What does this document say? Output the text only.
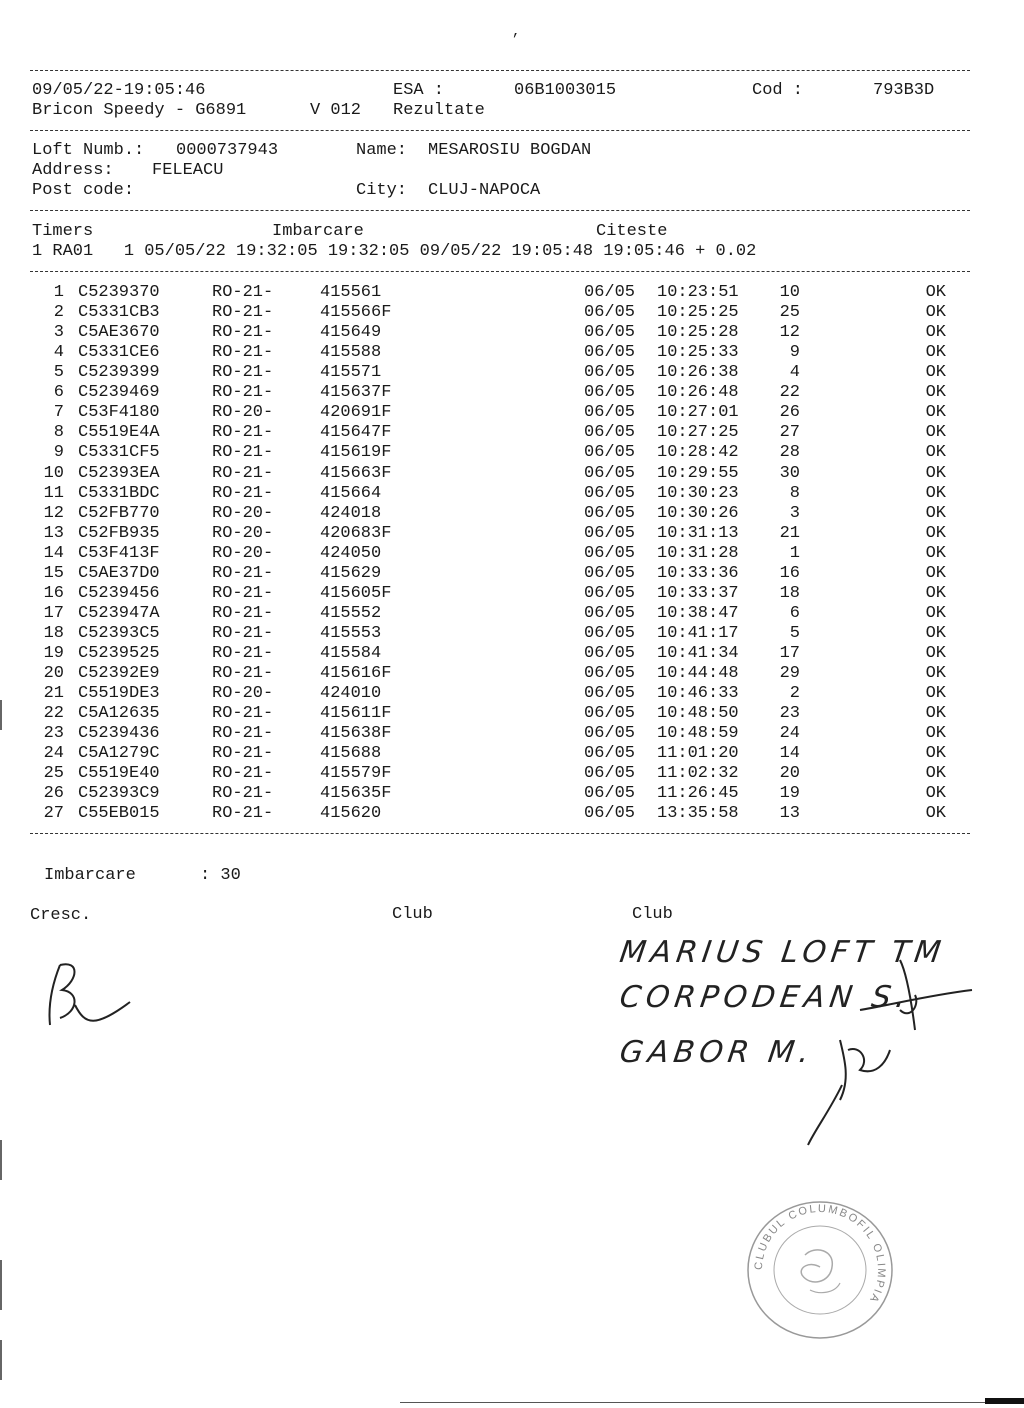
,
09/05/22-19:05:46	ESA :	06B1003015	Cod :	793B3D
Bricon Speedy - G6891	V 012 Rezultate
Loft Numb.: 0000737943	Name: MESAROSIU BOGDAN
Address: FELEACU
Post code:	City: CLUJ-NAPOCA
Timers	Imbarcare	Citeste
1 RA01   1 05/05/22 19:32:05 19:32:05 09/05/22 19:05:48 19:05:46 + 0.02
1 C5239370	RO-21-	415561	06/05 10:23:51	10	OK
2 C5331CB3	RO-21-	415566F	06/05 10:25:25	25	OK
3 C5AE3670	RO-21-	415649	06/05 10:25:28	12	OK
4 C5331CE6	RO-21-	415588	06/05 10:25:33	9	OK
5 C5239399	RO-21-	415571	06/05 10:26:38	4	OK
6 C5239469	RO-21-	415637F	06/05 10:26:48	22	OK
7 C53F4180	RO-20-	420691F	06/05 10:27:01	26	OK
8 C5519E4A	RO-21-	415647F	06/05 10:27:25	27	OK
9 C5331CF5	RO-21-	415619F	06/05 10:28:42	28	OK
10 C52393EA	RO-21-	415663F	06/05 10:29:55	30	OK
11 C5331BDC	RO-21-	415664	06/05 10:30:23	8	OK
12 C52FB770	RO-20-	424018	06/05 10:30:26	3	OK
13 C52FB935	RO-20-	420683F	06/05 10:31:13	21	OK
14 C53F413F	RO-20-	424050	06/05 10:31:28	1	OK
15 C5AE37D0	RO-21-	415629	06/05 10:33:36	16	OK
16 C5239456	RO-21-	415605F	06/05 10:33:37	18	OK
17 C523947A	RO-21-	415552	06/05 10:38:47	6	OK
18 C52393C5	RO-21-	415553	06/05 10:41:17	5	OK
19 C5239525	RO-21-	415584	06/05 10:41:34	17	OK
20 C52392E9	RO-21-	415616F	06/05 10:44:48	29	OK
21 C5519DE3	RO-20-	424010	06/05 10:46:33	2	OK
22 C5A12635	RO-21-	415611F	06/05 10:48:50	23	OK
23 C5239436	RO-21-	415638F	06/05 10:48:59	24	OK
24 C5A1279C	RO-21-	415688	06/05 11:01:20	14	OK
25 C5519E40	RO-21-	415579F	06/05 11:02:32	20	OK
26 C52393C9	RO-21-	415635F	06/05 11:26:45	19	OK
27 C55EB015	RO-21-	415620	06/05 13:35:58	13	OK
Imbarcare	: 30
Cresc.	Club	Club
MARIUS LOFT TM
CORPODEAN S.
GABOR M.
CLUBUL COLUMBOFIL OLIMPIA
